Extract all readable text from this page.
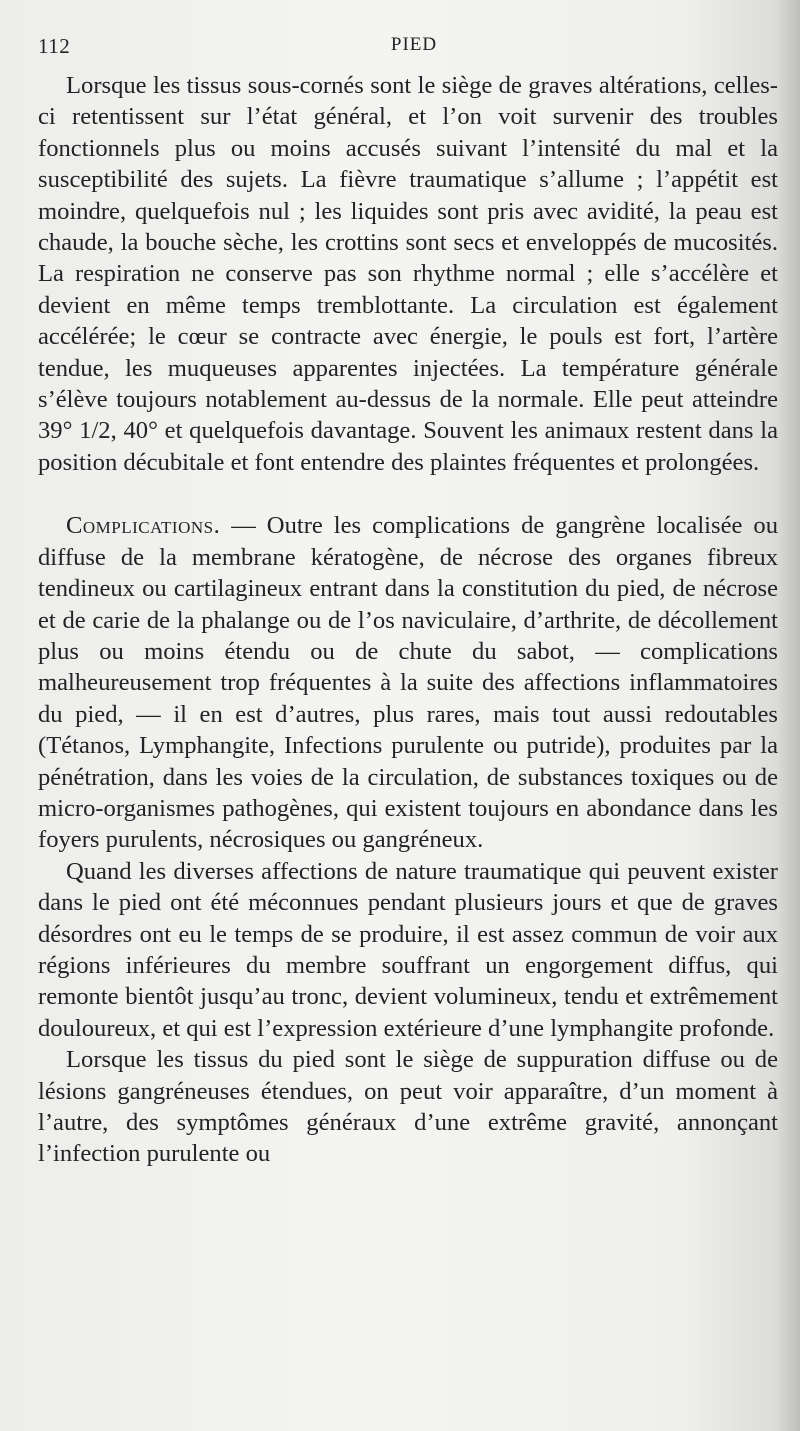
112	PIED

Lorsque les tissus sous-cornés sont le siège de graves altérations, celles-ci retentissent sur l’état général, et l’on voit survenir des troubles fonctionnels plus ou moins accusés suivant l’intensité du mal et la susceptibilité des sujets. La fièvre traumatique s’allume ; l’appétit est moindre, quelquefois nul ; les liquides sont pris avec avidité, la peau est chaude, la bouche sèche, les crottins sont secs et enveloppés de mucosités. La respiration ne conserve pas son rhythme normal ; elle s’accélère et devient en même temps tremblottante. La circulation est également accélérée; le cœur se contracte avec énergie, le pouls est fort, l’artère tendue, les muqueuses apparentes injectées. La température générale s’élève toujours notablement au-dessus de la normale. Elle peut atteindre 39° 1/2, 40° et quelquefois davantage. Souvent les animaux restent dans la position décubitale et font entendre des plaintes fréquentes et prolongées.

Complications. — Outre les complications de gangrène localisée ou diffuse de la membrane kératogène, de nécrose des organes fibreux tendineux ou cartilagineux entrant dans la constitution du pied, de nécrose et de carie de la phalange ou de l’os naviculaire, d’arthrite, de décollement plus ou moins étendu ou de chute du sabot, — complications malheureusement trop fréquentes à la suite des affections inflammatoires du pied, — il en est d’autres, plus rares, mais tout aussi redoutables (Tétanos, Lymphangite, Infections purulente ou putride), produites par la pénétration, dans les voies de la circulation, de substances toxiques ou de micro-organismes pathogènes, qui existent toujours en abondance dans les foyers purulents, nécrosiques ou gangréneux.

Quand les diverses affections de nature traumatique qui peuvent exister dans le pied ont été méconnues pendant plusieurs jours et que de graves désordres ont eu le temps de se produire, il est assez commun de voir aux régions inférieures du membre souffrant un engorgement diffus, qui remonte bientôt jusqu’au tronc, devient volumineux, tendu et extrêmement douloureux, et qui est l’expression extérieure d’une lymphangite profonde.

Lorsque les tissus du pied sont le siège de suppuration diffuse ou de lésions gangréneuses étendues, on peut voir apparaître, d’un moment à l’autre, des symptômes généraux d’une extrême gravité, annonçant l’infection purulente ou
